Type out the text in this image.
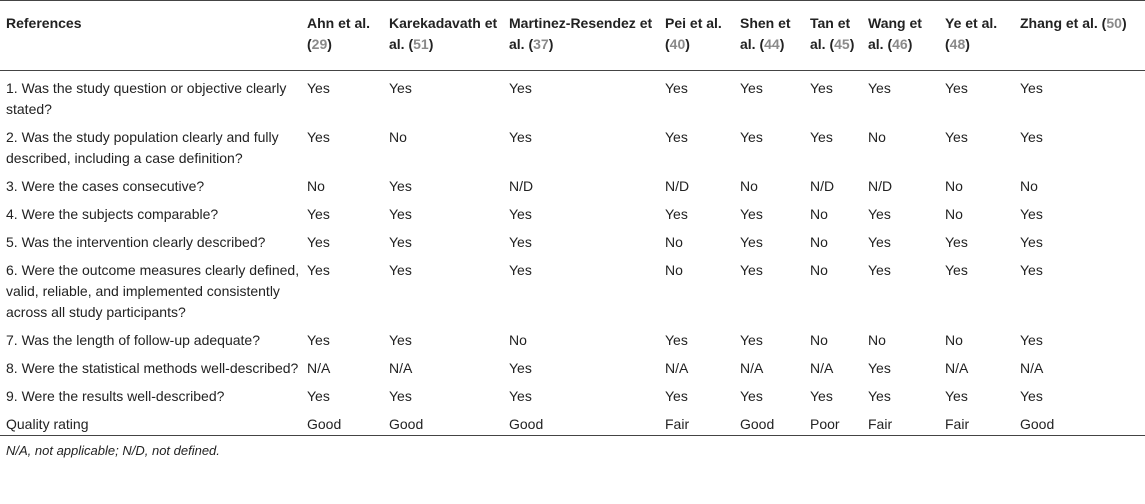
References	Ahn et al. (29)	Karekadavath et al. (51)	Martinez-Resendez et al. (37)	Pei et al. (40)	Shen et al. (44)	Tan et al. (45)	Wang et al. (46)	Ye et al. (48)	Zhang et al. (50)
1. Was the study question or objective clearly stated?	Yes	Yes	Yes	Yes	Yes	Yes	Yes	Yes	Yes
2. Was the study population clearly and fully described, including a case definition?	Yes	No	Yes	Yes	Yes	Yes	No	Yes	Yes
3. Were the cases consecutive?	No	Yes	N/D	N/D	No	N/D	N/D	No	No
4. Were the subjects comparable?	Yes	Yes	Yes	Yes	Yes	No	Yes	No	Yes
5. Was the intervention clearly described?	Yes	Yes	Yes	No	Yes	No	Yes	Yes	Yes
6. Were the outcome measures clearly defined, valid, reliable, and implemented consistently across all study participants?	Yes	Yes	Yes	No	Yes	No	Yes	Yes	Yes
7. Was the length of follow-up adequate?	Yes	Yes	No	Yes	Yes	No	No	No	Yes
8. Were the statistical methods well-described?	N/A	N/A	Yes	N/A	N/A	N/A	Yes	N/A	N/A
9. Were the results well-described?	Yes	Yes	Yes	Yes	Yes	Yes	Yes	Yes	Yes
Quality rating	Good	Good	Good	Fair	Good	Poor	Fair	Fair	Good
N/A, not applicable; N/D, not defined.
